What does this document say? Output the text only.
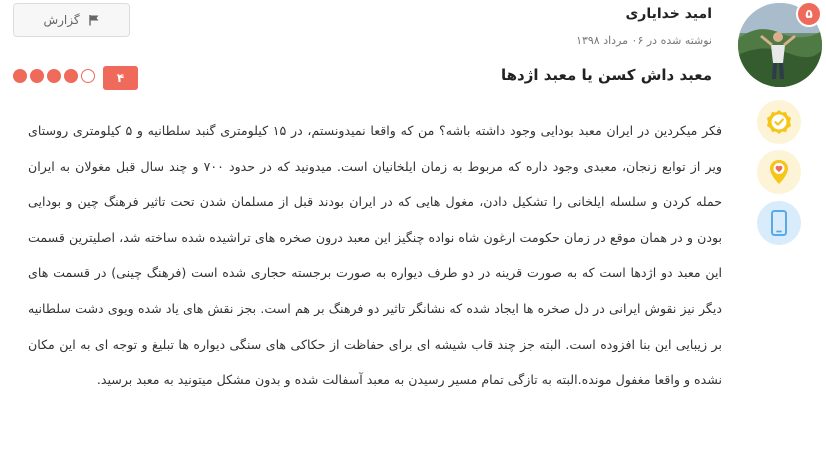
۵
امید خدایاری
نوشته شده در ۰۶ مرداد ۱۳۹۸
معبد داش کسن یا معبد اژدها
گزارش
۴
فکر میکردین در ایران معبد بودایی وجود داشته باشه؟ من که واقعا نمیدونستم، در ۱۵ کیلومتری گنبد سلطانیه و ۵ کیلومتری روستای ویر از توابع زنجان، معبدی وجود داره که مربوط به زمان ایلخانیان است. میدونید که در حدود ۷۰۰ و چند سال قبل مغولان به ایران حمله کردن و سلسله ایلخانی را تشکیل دادن، مغول هایی که در ایران بودند قبل از مسلمان شدن تحت تاثیر فرهنگ چین و بودایی بودن و در همان موقع در زمان حکومت ارغون شاه نواده چنگیز این معبد درون صخره های تراشیده شده ساخته شد، اصلیترین قسمت این معبد دو اژدها است که به صورت قرینه در دو طرف دیواره به صورت برجسته حجاری شده است (فرهنگ چینی) در قسمت های دیگر نیز نقوش ایرانی در دل صخره ها ایجاد شده که نشانگر تاثیر دو فرهنگ بر هم است. بجز نقش های یاد شده ویوی دشت سلطانیه بر زیبایی این بنا افزوده است. البته جز چند قاب شیشه ای برای حفاظت از حکاکی های سنگی دیواره ها تبلیغ و توجه ای به این مکان نشده و واقعا مغفول مونده.البته به تازگی تمام مسیر رسیدن به معبد آسفالت شده و بدون مشکل میتونید به معبد برسید.
